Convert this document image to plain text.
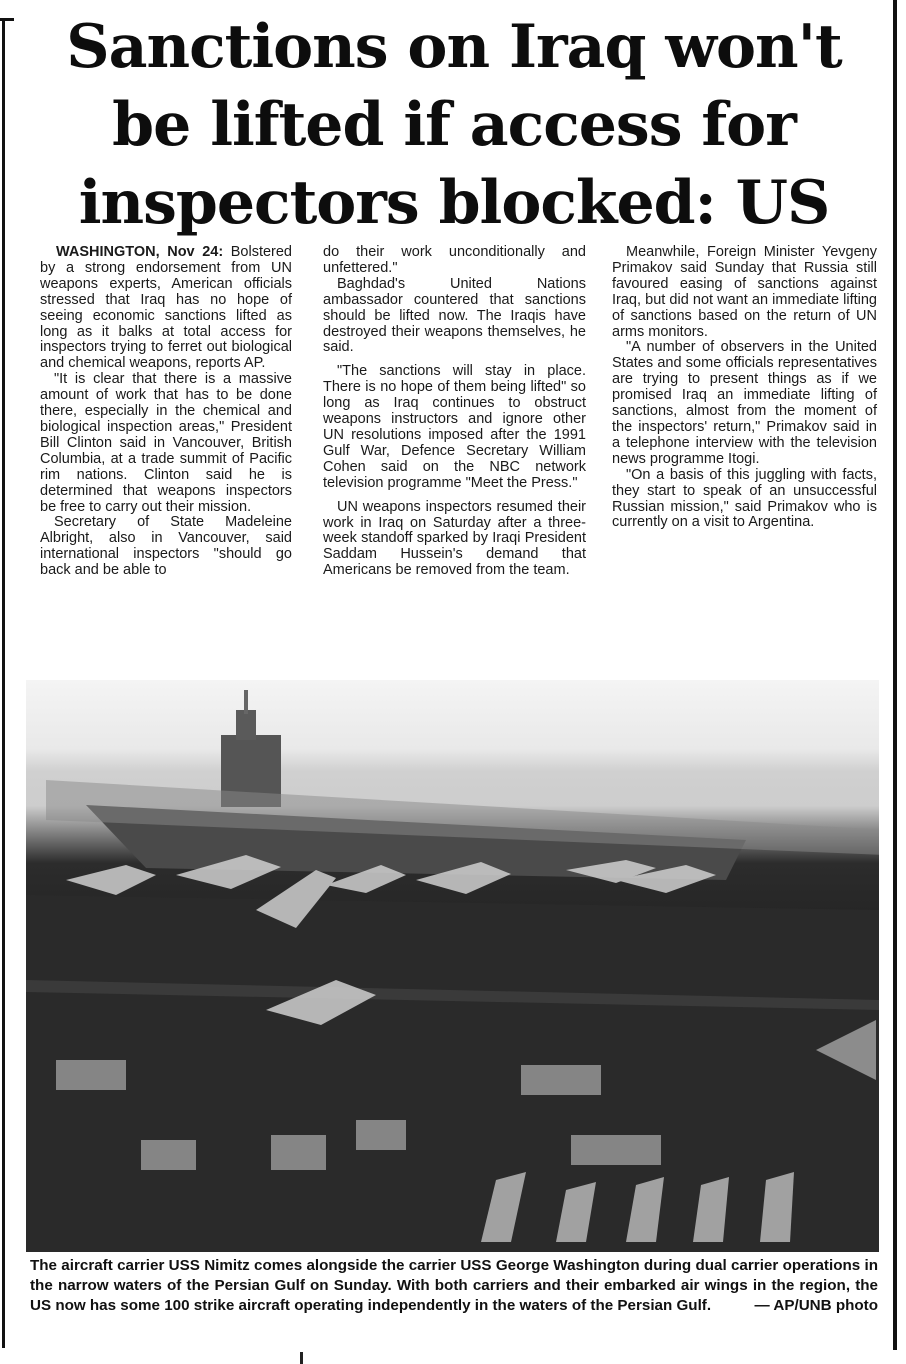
Sanctions on Iraq won't
be lifted if access for
inspectors blocked: US

WASHINGTON, Nov 24: Bolstered by a strong endorsement from UN weapons experts, American officials stressed that Iraq has no hope of seeing economic sanctions lifted as long as it balks at total access for inspectors trying to ferret out biological and chemical weapons, reports AP.

"It is clear that there is a massive amount of work that has to be done there, especially in the chemical and biological inspection areas," President Bill Clinton said in Vancouver, British Columbia, at a trade summit of Pacific rim nations. Clinton said he is determined that weapons inspectors be free to carry out their mission.

Secretary of State Madeleine Albright, also in Vancouver, said international inspectors "should go back and be able to

do their work unconditionally and unfettered."

Baghdad's United Nations ambassador countered that sanctions should be lifted now. The Iraqis have destroyed their weapons themselves, he said.

"The sanctions will stay in place. There is no hope of them being lifted" so long as Iraq continues to obstruct weapons instructors and ignore other UN resolutions imposed after the 1991 Gulf War, Defence Secretary William Cohen said on the NBC network television programme "Meet the Press."

UN weapons inspectors resumed their work in Iraq on Saturday after a three-week standoff sparked by Iraqi President Saddam Hussein's demand that Americans be removed from the team.

Meanwhile, Foreign Minister Yevgeny Primakov said Sunday that Russia still favoured easing of sanctions against Iraq, but did not want an immediate lifting of sanctions based on the return of UN arms monitors.

"A number of observers in the United States and some officials representatives are trying to present things as if we promised Iraq an immediate lifting of sanctions, almost from the moment of the inspectors' return," Primakov said in a telephone interview with the television news programme Itogi.

"On a basis of this juggling with facts, they start to speak of an unsuccessful Russian mission," said Primakov who is currently on a visit to Argentina.

The aircraft carrier USS Nimitz comes alongside the carrier USS George Washington during dual carrier operations in the narrow waters of the Persian Gulf on Sunday. With both carriers and their embarked air wings in the region, the US now has some 100 strike aircraft operating independently in the waters of the Persian Gulf.	— AP/UNB photo
